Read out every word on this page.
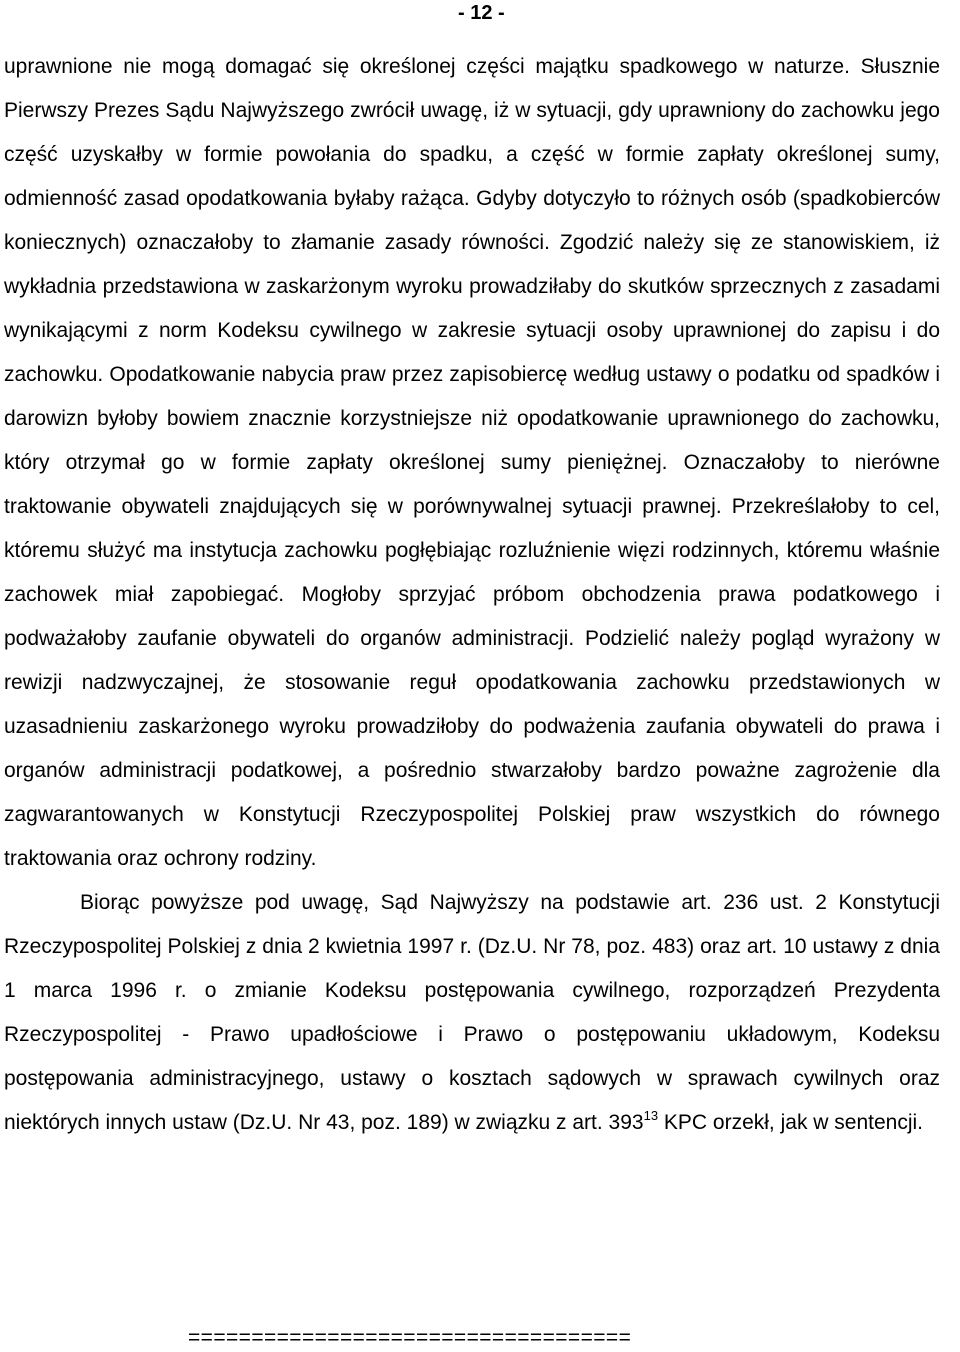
- 12 -

uprawnione nie mogą domagać się określonej części majątku spadkowego w naturze. Słusznie Pierwszy Prezes Sądu Najwyższego zwrócił uwagę, iż w sytuacji, gdy uprawniony do zachowku jego część uzyskałby w formie powołania do spadku, a część w formie zapłaty określonej sumy, odmienność zasad opodatkowania byłaby rażąca. Gdyby dotyczyło to różnych osób (spadkobierców koniecznych) oznaczałoby to złamanie zasady równości. Zgodzić należy się ze stanowiskiem, iż wykładnia przedstawiona w zaskarżonym wyroku prowadziłaby do skutków sprzecznych z zasadami wynikającymi z norm Kodeksu cywilnego w zakresie sytuacji osoby uprawnionej do zapisu i do zachowku. Opodatkowanie nabycia praw przez zapisobiercę według ustawy o podatku od spadków i darowizn byłoby bowiem znacznie korzystniejsze niż opodatkowanie uprawnionego do zachowku, który otrzymał go w formie zapłaty określonej sumy pieniężnej. Oznaczałoby to nierówne traktowanie obywateli znajdujących się w porównywalnej sytuacji prawnej. Przekreślałoby to cel, któremu służyć ma instytucja zachowku pogłębiając rozluźnienie więzi rodzinnych, któremu właśnie zachowek miał zapobiegać. Mogłoby sprzyjać próbom obchodzenia prawa podatkowego i podważałoby zaufanie obywateli do organów administracji. Podzielić należy pogląd wyrażony w rewizji nadzwyczajnej, że stosowanie reguł opodatkowania zachowku przedstawionych w uzasadnieniu zaskarżonego wyroku prowadziłoby do podważenia zaufania obywateli do prawa i organów administracji podatkowej, a pośrednio stwarzałoby bardzo poważne zagrożenie dla zagwarantowanych w Konstytucji Rzeczypospolitej Polskiej praw wszystkich do równego traktowania oraz ochrony rodziny.

Biorąc powyższe pod uwagę, Sąd Najwyższy na podstawie art. 236 ust. 2 Konstytucji Rzeczypospolitej Polskiej z dnia 2 kwietnia 1997 r. (Dz.U. Nr 78, poz. 483) oraz art. 10 ustawy z dnia 1 marca 1996 r. o zmianie Kodeksu postępowania cywilnego, rozporządzeń Prezydenta Rzeczypospolitej - Prawo upadłościowe i Prawo o postępowaniu układowym, Kodeksu postępowania administracyjnego, ustawy o kosztach sądowych w sprawach cywilnych oraz niektórych innych ustaw (Dz.U. Nr 43, poz. 189) w związku z art. $393^{13}$ KPC orzekł, jak w sentencji.

===================================
